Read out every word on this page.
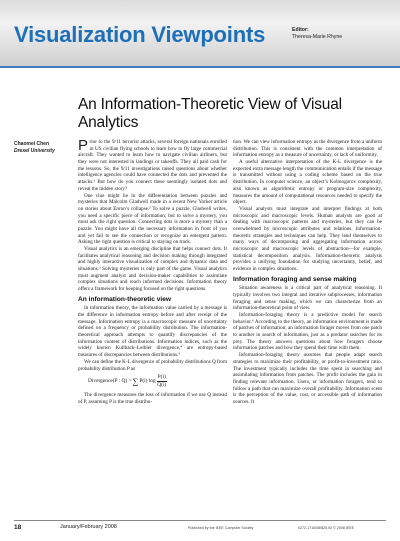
Visualization Viewpoints	Editor:
Theresa-Marie Rhyne
An Information-Theoretic View of Visual Analytics
Chaomei Chen
Drexel University Prior to the 9/11 terrorist attacks, several foreign nationals enrolled in US civilian flying schools to learn how to fly large commercial aircraft. They wanted to learn how to navigate civilian airliners, but they were not interested in landings or takeoffs. They all paid cash for the lessons. So, the 9/11 investigations raised questions about whether intelligence agencies could have connected the dots and prevented the attacks.¹ But how do you connect these seemingly isolated dots and reveal the hidden story?

One clue might lie in the differentiation between puzzles and mysteries that Malcolm Gladwell made in a recent New Yorker article on stories about Enron’s collapse.² To solve a puzzle, Gladwell writes, you need a specific piece of information; but to solve a mystery, you must ask the right question. Connecting dots is more a mystery than a puzzle. You might have all the necessary information in front of you and yet fail to see the connection or recognize an emergent pattern. Asking the right question is critical to staying on track.

Visual analytics is an emerging discipline that helps connect dots. It facilitates analytical reasoning and decision making through integrated and highly interactive visualization of complex and dynamic data and situations.³ Solving mysteries is only part of the game. Visual analytics must augment analyst and decision-maker capabilities to assimilate complex situations and reach informed decisions. Information theory offers a framework for keeping focused on the right questions.

An information-theoretic view

In information theory, the information value carried by a message is the difference in information entropy before and after receipt of the message. Information entropy is a macroscopic measure of uncertainty defined on a frequency or probability distribution. The information-theoretical approach attempts to quantify discrepancies of the information content of distributions. Information indices, such as the widely known Kullback–Leibler divergence,⁴ are entropy-based measures of discrepancies between distributions.⁵

We can define the K-L divergence of probability distributions Q from probability distribution P as

Divergence (P : Q) = ∑ P(i) $\log \frac{P(i)}{Q(i)}$

The divergence measures the loss of information if we use Q instead of P, assuming P is the true distribu-

tion. We can view information entropy as the divergence from a uniform distribution. This is consistent with the common interpretation of information entropy as a measure of uncertainty, or lack of uniformity.

A useful alternative interpretation of the K-L divergence is the expected extra message length the communication entails if the message is transmitted without using a coding scheme based on the true distribution. In computer science, an object’s Kolmogorov complexity, also known as algorithmic entropy or program-size complexity, measures the amount of computational resources needed to specify the object.

Visual analysts must integrate and interpret findings at both microscopic and macroscopic levels. Human analysts are good at dealing with macroscopic patterns and mysteries, but they can be overwhelmed by microscopic attributes and relations. Information-theoretic strategies and techniques can help. They lend themselves to many ways of decomposing and aggregating information across microscopic and macroscopic levels of abstraction—for example, statistical decomposition analysis. Information-theoretic analysis provides a unifying foundation for studying uncertainty, belief, and evidence in complex situations.

Information foraging and sense making

Situation awareness is a critical part of analytical reasoning. It typically involves two integral and iterative subprocesses, information foraging and sense making, which we can characterize from an information-theoretical point of view.

Information-foraging theory is a predictive model for search behavior.⁶ According to the theory, an information environment is made of patches of information; an information forager moves from one patch to another in search of information, just as a predator searches for its prey. The theory answers questions about how foragers choose information patches and how they spend their time with them.

Information-foraging theory assumes that people adapt search strategies to maximize their profitability, or profit-to-investment ratio. The investment typically includes the time spent in searching and assimilating information from patches. The profit includes the gain in finding relevant information. Users, or information foragers, tend to follow a path that can maximize overall profitability. Information scent is the perception of the value, cost, or accessible path of information sources. It

18	January/February 2008	Published by the IEEE Computer Society	0272-1716/08/$25.00 © 2008 IEEE
